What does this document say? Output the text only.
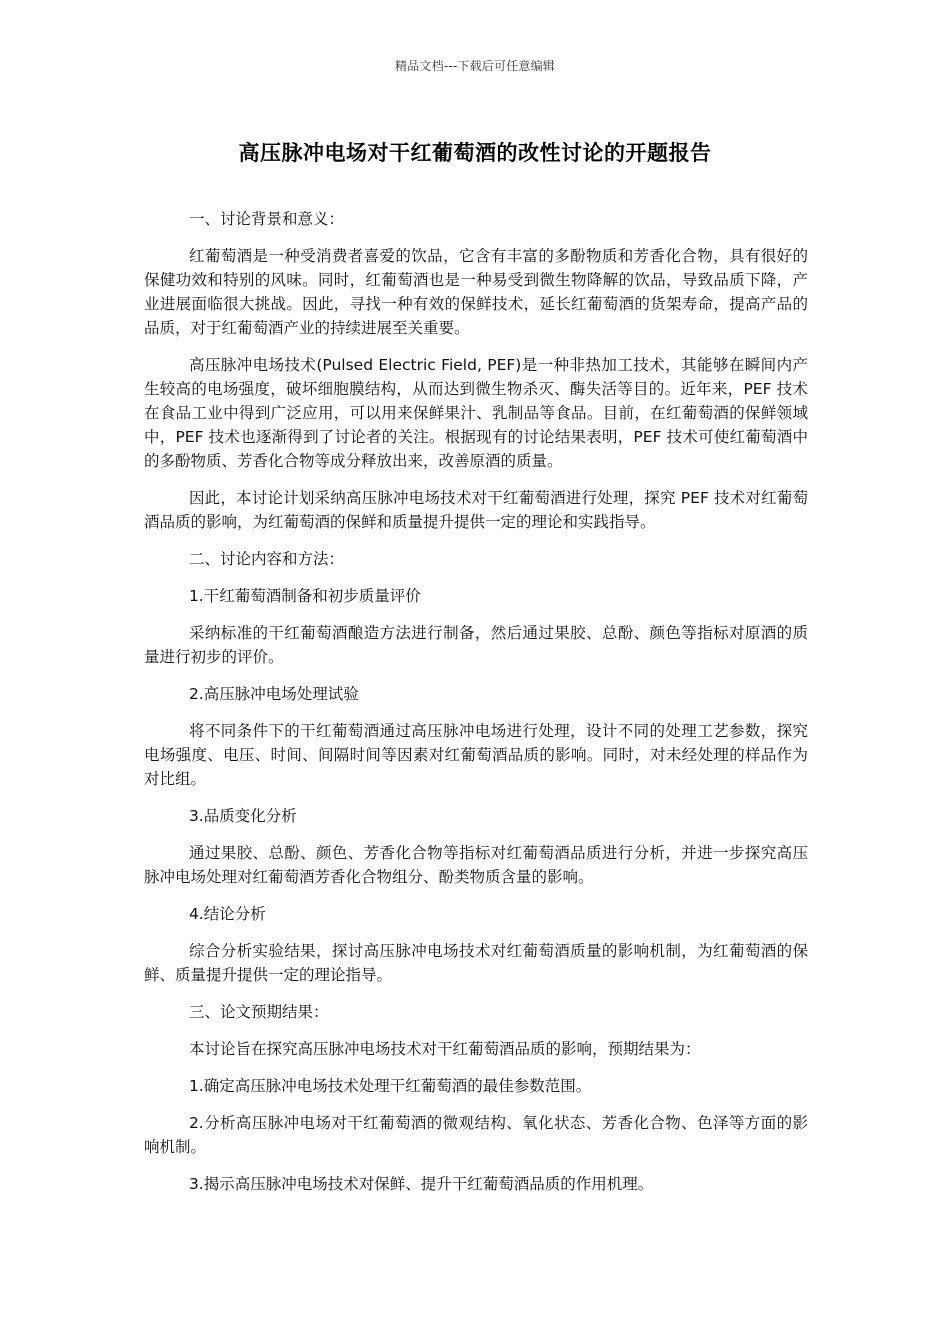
精品文档---下载后可任意编辑
高压脉冲电场对干红葡萄酒的改性讨论的开题报告

一、讨论背景和意义：

红葡萄酒是一种受消费者喜爱的饮品，它含有丰富的多酚物质和芳香化合物，具有很好的保健功效和特别的风味。同时，红葡萄酒也是一种易受到微生物降解的饮品，导致品质下降，产业进展面临很大挑战。因此，寻找一种有效的保鲜技术，延长红葡萄酒的货架寿命，提高产品的品质，对于红葡萄酒产业的持续进展至关重要。

高压脉冲电场技术(Pulsed Electric Field, PEF)是一种非热加工技术，其能够在瞬间内产生较高的电场强度，破坏细胞膜结构，从而达到微生物杀灭、酶失活等目的。近年来，PEF 技术在食品工业中得到广泛应用，可以用来保鲜果汁、乳制品等食品。目前，在红葡萄酒的保鲜领域中，PEF 技术也逐渐得到了讨论者的关注。根据现有的讨论结果表明，PEF 技术可使红葡萄酒中的多酚物质、芳香化合物等成分释放出来，改善原酒的质量。

因此，本讨论计划采纳高压脉冲电场技术对干红葡萄酒进行处理，探究 PEF 技术对红葡萄酒品质的影响，为红葡萄酒的保鲜和质量提升提供一定的理论和实践指导。

二、讨论内容和方法：

1.干红葡萄酒制备和初步质量评价

采纳标准的干红葡萄酒酿造方法进行制备，然后通过果胶、总酚、颜色等指标对原酒的质量进行初步的评价。

2.高压脉冲电场处理试验

将不同条件下的干红葡萄酒通过高压脉冲电场进行处理，设计不同的处理工艺参数，探究电场强度、电压、时间、间隔时间等因素对红葡萄酒品质的影响。同时，对未经处理的样品作为对比组。

3.品质变化分析

通过果胶、总酚、颜色、芳香化合物等指标对红葡萄酒品质进行分析，并进一步探究高压脉冲电场处理对红葡萄酒芳香化合物组分、酚类物质含量的影响。

4.结论分析

综合分析实验结果，探讨高压脉冲电场技术对红葡萄酒质量的影响机制，为红葡萄酒的保鲜、质量提升提供一定的理论指导。

三、论文预期结果：

本讨论旨在探究高压脉冲电场技术对干红葡萄酒品质的影响，预期结果为：

1.确定高压脉冲电场技术处理干红葡萄酒的最佳参数范围。

2.分析高压脉冲电场对干红葡萄酒的微观结构、氧化状态、芳香化合物、色泽等方面的影响机制。

3.揭示高压脉冲电场技术对保鲜、提升干红葡萄酒品质的作用机理。
